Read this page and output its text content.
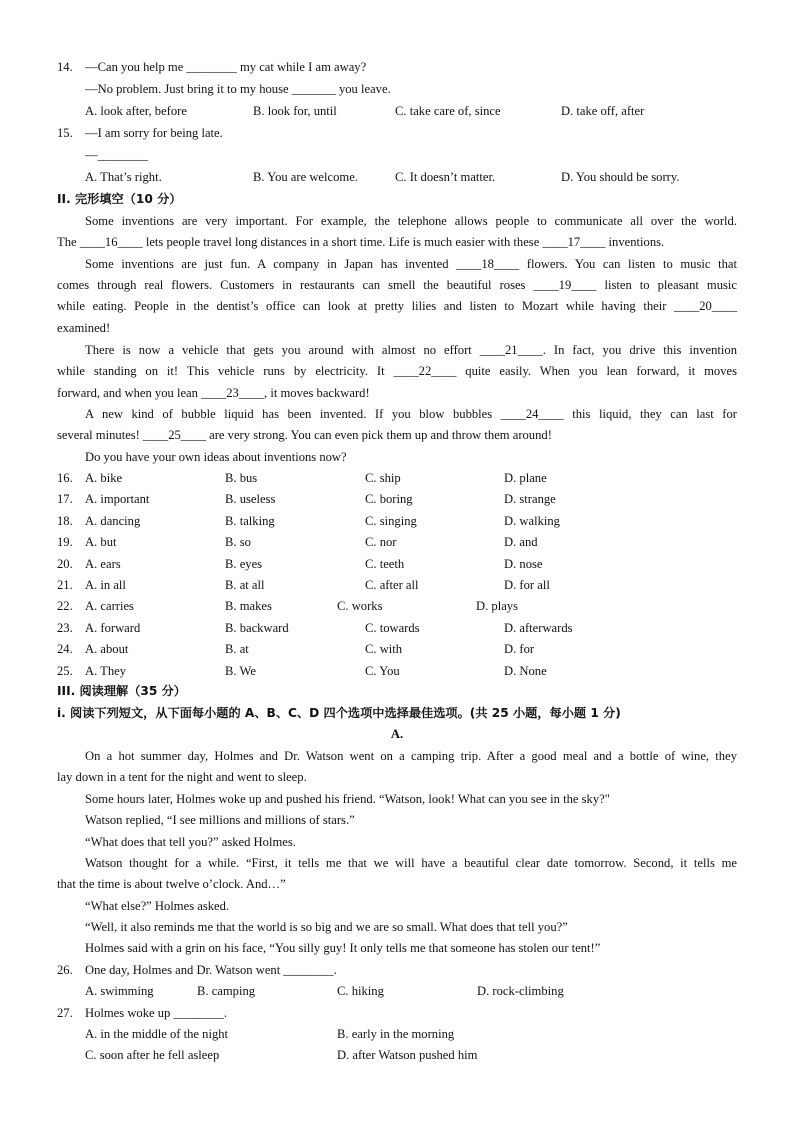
14. —Can you help me ________ my cat while I am away?
—No problem. Just bring it to my house _______ you leave.
A. look after, before	B. look for, until	C. take care of, since	D. take off, after
15. —I am sorry for being late.
—________
A. That’s right.	B. You are welcome.	C. It doesn’t matter.	D. You should be sorry.
II. 完形填空（10 分）
Some inventions are very important. For example, the telephone allows people to communicate all over the world.
The ____16____ lets people travel long distances in a short time. Life is much easier with these ____17____ inventions.
Some inventions are just fun. A company in Japan has invented ____18____ flowers. You can listen to music that
comes through real flowers. Customers in restaurants can smell the beautiful roses ____19____ listen to pleasant music
while eating. People in the dentist’s office can look at pretty lilies and listen to Mozart while having their ____20____
examined!
There is now a vehicle that gets you around with almost no effort ____21____. In fact, you drive this invention
while standing on it! This vehicle runs by electricity. It ____22____ quite easily. When you lean forward, it moves
forward, and when you lean ____23____, it moves backward!
A new kind of bubble liquid has been invented. If you blow bubbles ____24____ this liquid, they can last for
several minutes! ____25____ are very strong. You can even pick them up and throw them around!
Do you have your own ideas about inventions now?
16. A. bike	B. bus	C. ship	D. plane
17. A. important	B. useless	C. boring	D. strange
18. A. dancing	B. talking	C. singing	D. walking
19. A. but	B. so	C. nor	D. and
20. A. ears	B. eyes	C. teeth	D. nose
21. A. in all	B. at all	C. after all	D. for all
22. A. carries	B. makes	C. works	D. plays
23. A. forward	B. backward	C. towards	D. afterwards
24. A. about	B. at	C. with	D. for
25. A. They	B. We	C. You	D. None
III. 阅读理解（35 分）
i. 阅读下列短文，从下面每小题的 A、B、C、D 四个选项中选择最佳选项。(共 25 小题，每小题 1 分)
A.
On a hot summer day, Holmes and Dr. Watson went on a camping trip. After a good meal and a bottle of wine, they
lay down in a tent for the night and went to sleep.
Some hours later, Holmes woke up and pushed his friend. “Watson, look! What can you see in the sky?"
Watson replied, “I see millions and millions of stars.”
“What does that tell you?” asked Holmes.
Watson thought for a while. “First, it tells me that we will have a beautiful clear date tomorrow. Second, it tells me
that the time is about twelve o’clock. And…”
“What else?” Holmes asked.
“Well, it also reminds me that the world is so big and we are so small. What does that tell you?”
Holmes said with a grin on his face, “You silly guy! It only tells me that someone has stolen our tent!”
26. One day, Holmes and Dr. Watson went ________.
A. swimming	B. camping	C. hiking	D. rock-climbing
27. Holmes woke up ________.
A. in the middle of the night	B. early in the morning
C. soon after he fell asleep	D. after Watson pushed him
